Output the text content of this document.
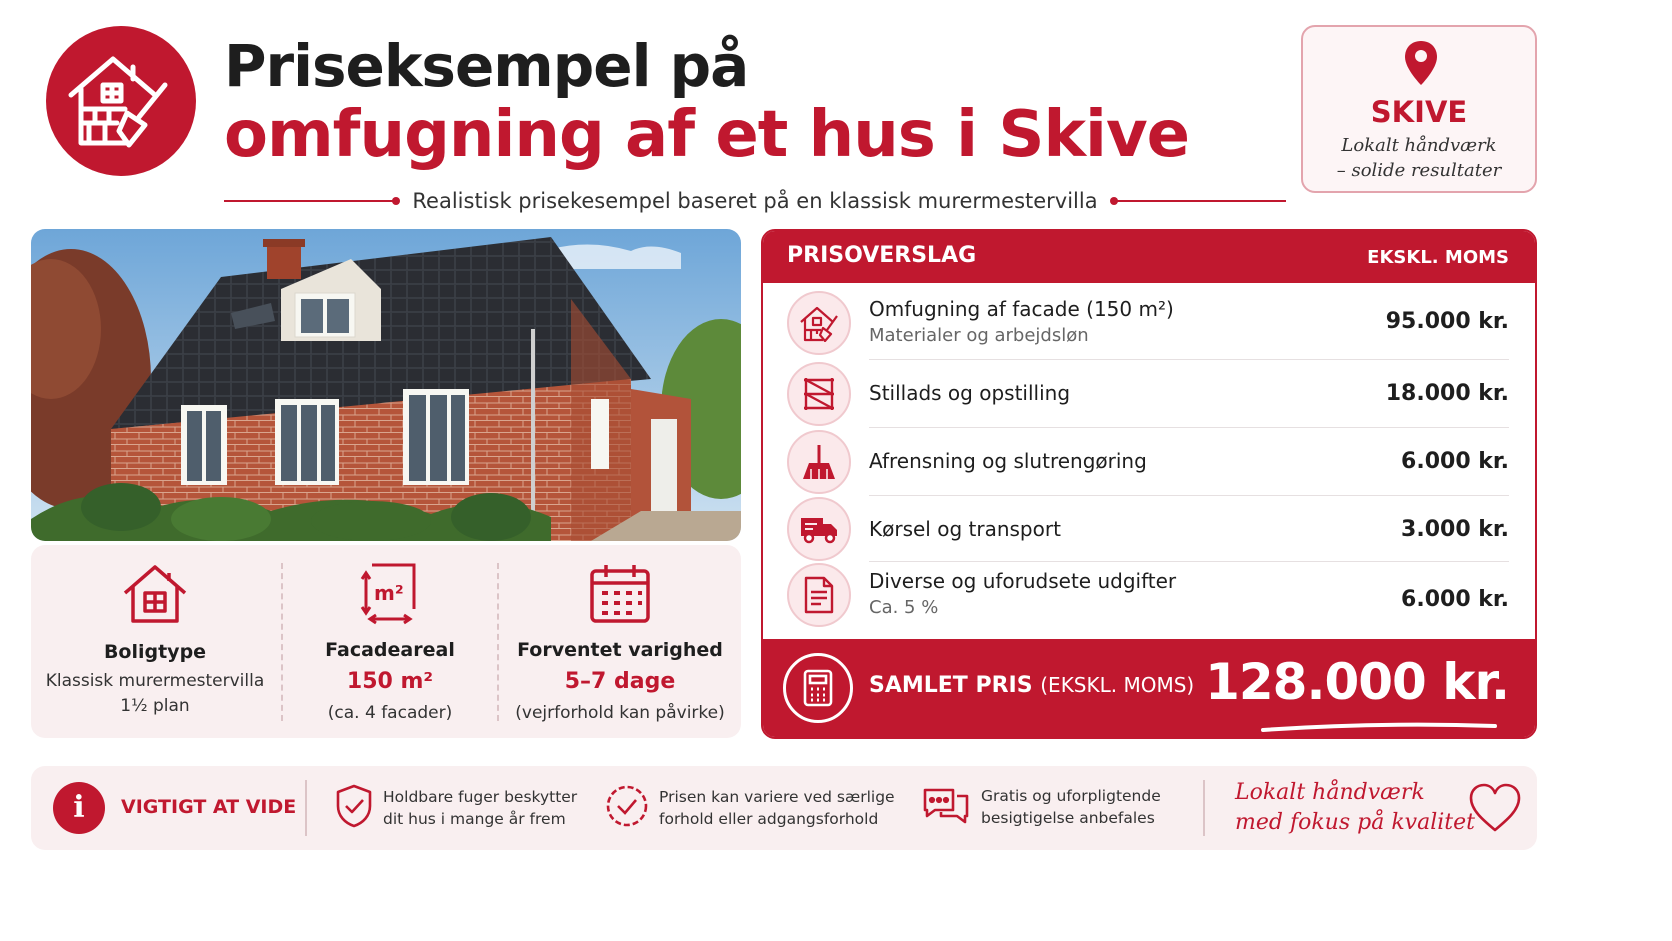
Priseksempel på
omfugning af et hus i Skive
Realistisk prisekesempel baseret på en klassisk murermestervilla
SKIVE
Lokalt håndværk
– solide resultater
Boligtype
Klassisk murermestervilla
1½ plan
m²
Facadeareal
150 m²
(ca. 4 facader)
Forventet varighed
5–7 dage
(vejrforhold kan påvirke)
PRISOVERSLAG	EKSKL. MOMS
Omfugning af facade (150 m²)
Materialer og arbejdsløn
95.000 kr.
Stillads og opstilling	18.000 kr.
Afrensning og slutrengøring	6.000 kr.
Kørsel og transport	3.000 kr.
Diverse og uforudsete udgifter
Ca. 5 %	6.000 kr.
SAMLET PRIS (EKSKL. MOMS) 128.000 kr.
i	VIGTIGT AT VIDE	Holdbare fuger beskytter
dit hus i mange år frem
Prisen kan variere ved særlige
forhold eller adgangsforhold
Gratis og uforpligtende
besigtigelse anbefales
Lokalt håndværk
med fokus på kvalitet
